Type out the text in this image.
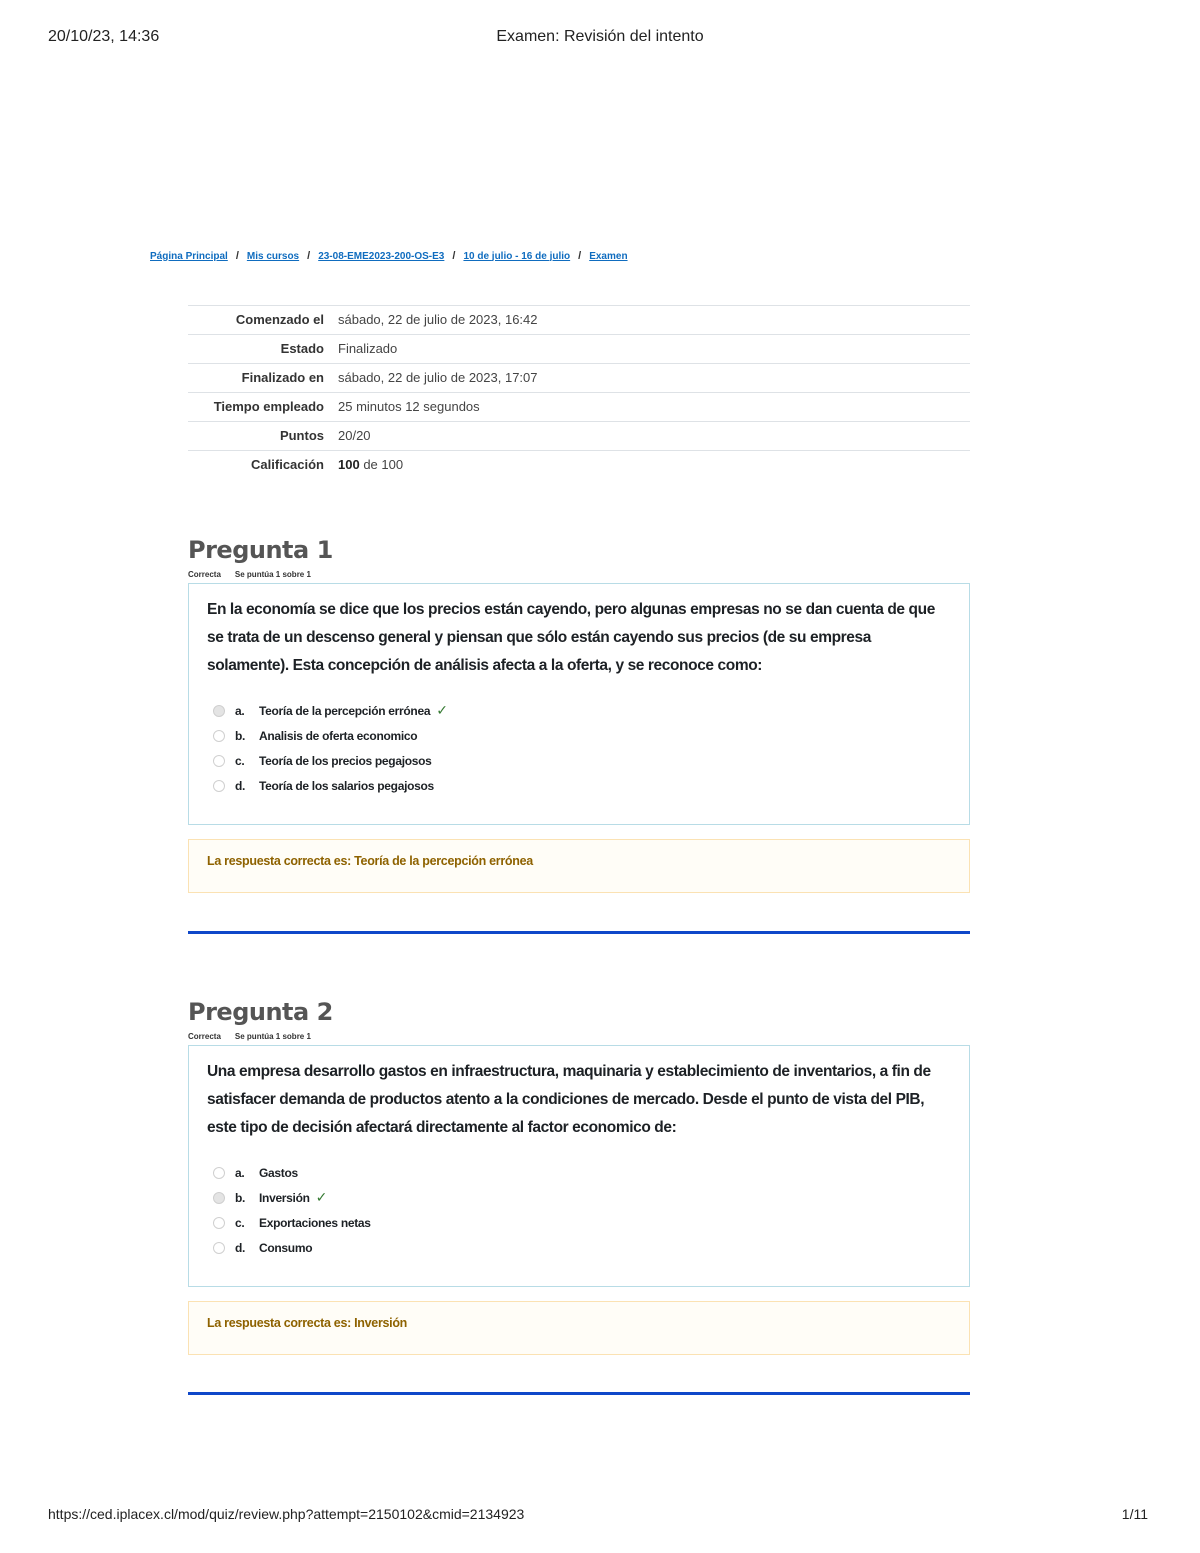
20/10/23, 14:36	Examen: Revisión del intento
Página Principal / Mis cursos / 23-08-EME2023-200-OS-E3 / 10 de julio - 16 de julio / Examen
Comenzado el	sábado, 22 de julio de 2023, 16:42
Estado	Finalizado
Finalizado en	sábado, 22 de julio de 2023, 17:07
Tiempo empleado	25 minutos 12 segundos
Puntos	20/20
Calificación	100 de 100
Pregunta 1
Correcta Se puntúa 1 sobre 1

En la economía se dice que los precios están cayendo, pero algunas empresas no se dan cuenta de que se trata de un descenso general y piensan que sólo están cayendo sus precios (de su empresa solamente). Esta concepción de análisis afecta a la oferta, y se reconoce como:

a.	Teoría de la percepción errónea ✓
b.	Analisis de oferta economico
c.	Teoría de los precios pegajosos
d.	Teoría de los salarios pegajosos
La respuesta correcta es: Teoría de la percepción errónea
Pregunta 2
Correcta Se puntúa 1 sobre 1

Una empresa desarrollo gastos en infraestructura, maquinaria y establecimiento de inventarios, a fin de satisfacer demanda de productos atento a la condiciones de mercado. Desde el punto de vista del PIB, este tipo de decisión afectará directamente al factor economico de:

a.	Gastos
b.	Inversión ✓
c.	Exportaciones netas
d.	Consumo
La respuesta correcta es: Inversión
https://ced.iplacex.cl/mod/quiz/review.php?attempt=2150102&cmid=2134923	1/11
